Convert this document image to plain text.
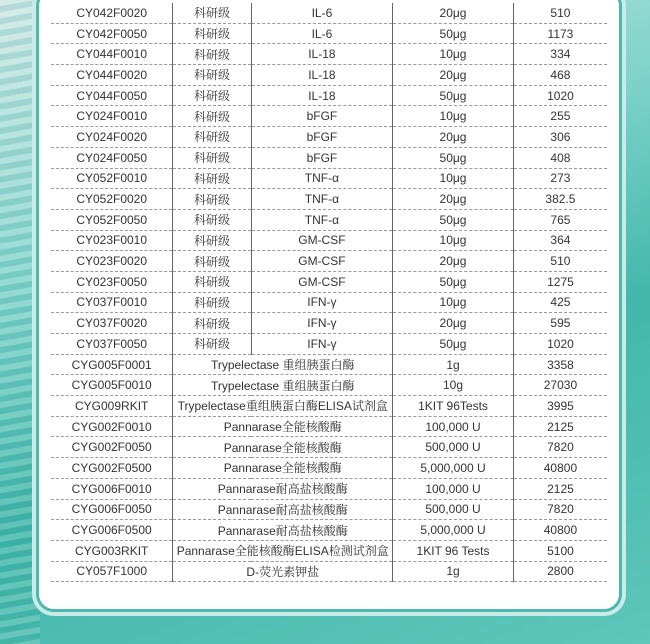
CY042F0020	科研级	IL-6	20μg	510
CY042F0050	科研级	IL-6	50μg	1173
CY044F0010	科研级	IL-18	10μg	334
CY044F0020	科研级	IL-18	20μg	468
CY044F0050	科研级	IL-18	50μg	1020
CY024F0010	科研级	bFGF	10μg	255
CY024F0020	科研级	bFGF	20μg	306
CY024F0050	科研级	bFGF	50μg	408
CY052F0010	科研级	TNF-α	10μg	273
CY052F0020	科研级	TNF-α	20μg	382.5
CY052F0050	科研级	TNF-α	50μg	765
CY023F0010	科研级	GM-CSF	10μg	364
CY023F0020	科研级	GM-CSF	20μg	510
CY023F0050	科研级	GM-CSF	50μg	1275
CY037F0010	科研级	IFN-γ	10μg	425
CY037F0020	科研级	IFN-γ	20μg	595
CY037F0050	科研级	IFN-γ	50μg	1020
CYG005F0001	Trypelectase 重组胰蛋白酶		1g	3358
CYG005F0010	Trypelectase 重组胰蛋白酶		10g	27030
CYG009RKIT	Trypelectase重组胰蛋白酶ELISA试剂盒		1KIT 96Tests	3995
CYG002F0010	Pannarase全能核酸酶		100,000 U	2125
CYG002F0050	Pannarase全能核酸酶		500,000 U	7820
CYG002F0500	Pannarase全能核酸酶		5,000,000 U	40800
CYG006F0010	Pannarase耐高盐核酸酶		100,000 U	2125
CYG006F0050	Pannarase耐高盐核酸酶		500,000 U	7820
CYG006F0500	Pannarase耐高盐核酸酶		5,000,000 U	40800
CYG003RKIT	Pannarase全能核酸酶ELISA检测试剂盒		1KIT 96 Tests	5100
CY057F1000	D-荧光素钾盐		1g	2800
